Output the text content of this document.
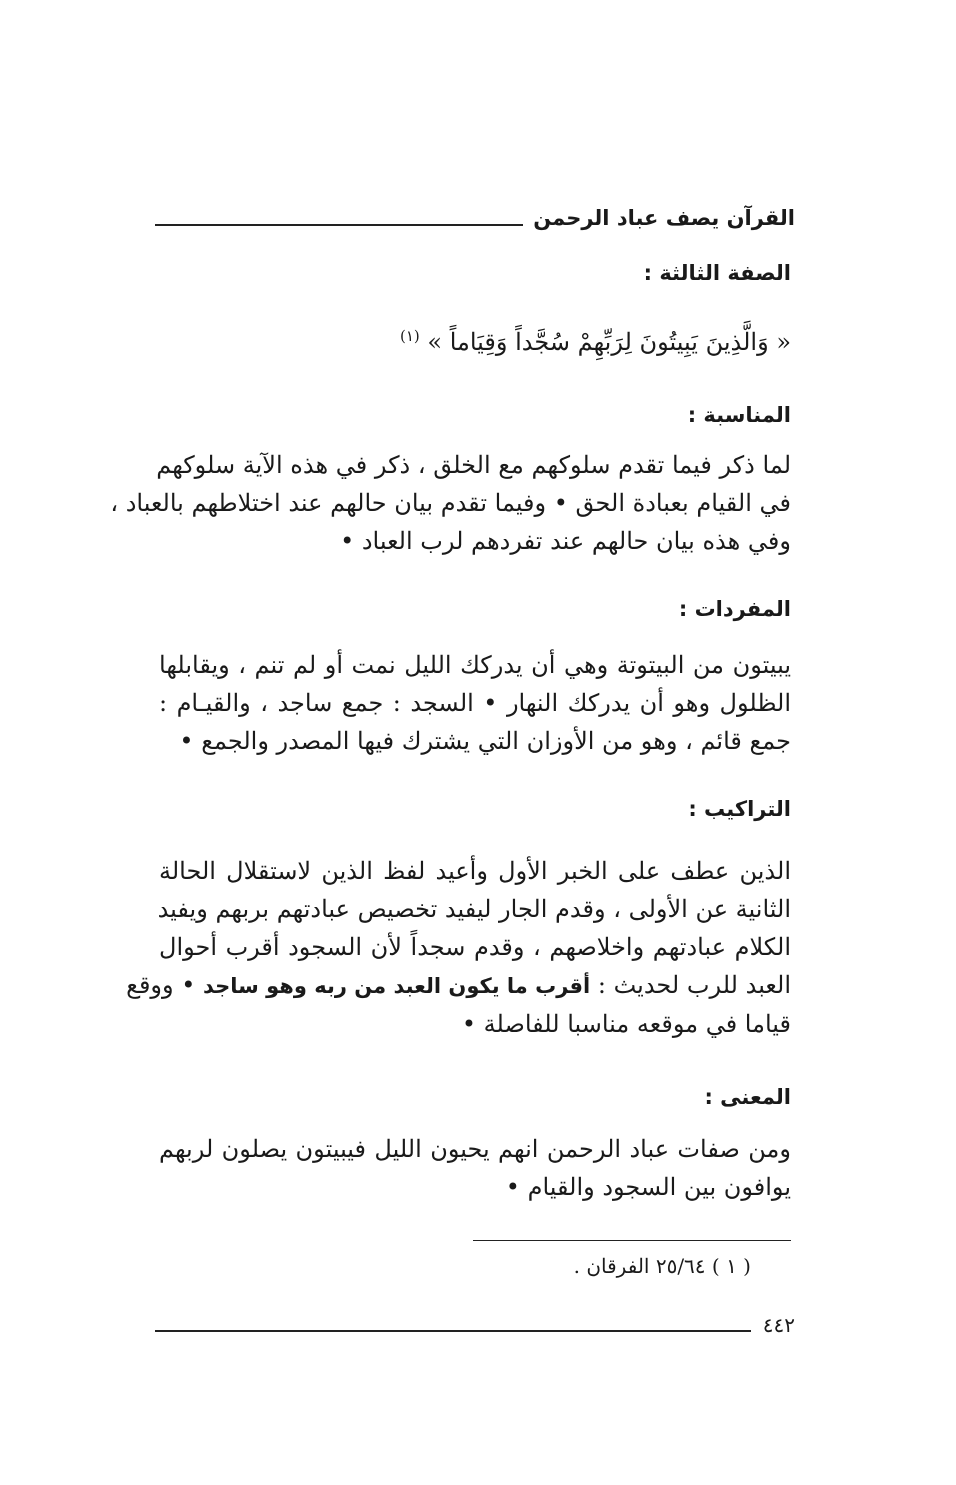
القرآن يصف عباد الرحمن
الصفة الثالثة :
« وَالَّذِينَ يَبِيتُونَ لِرَبِّهِمْ سُجَّداً وَقِيَاماً » $^{(١)}$
المناسبة :
لما ذكر فيما تقدم سلوكهم مع الخلق ، ذكر في هذه الآية سلوكهم
في القيام بعبادة الحق • وفيما تقدم بيان حالهم عند اختلاطهم بالعباد ،
وفي هذه بيان حالهم عند تفردهم لرب العباد •
المفردات :
يبيتون من البيتوتة وهي أن يدركك الليل نمت أو لم تنم ، ويقابلها
الظلول وهو أن يدركك النهار • السجد : جمع ساجد ، والقيـام :
جمع قائم ، وهو من الأوزان التي يشترك فيها المصدر والجمع •
التراكيب :
الذين عطف على الخبر الأول وأعيد لفظ الذين لاستقلال الحالة
الثانية عن الأولى ، وقدم الجار ليفيد تخصيص عبادتهم بربهم ويفيد
الكلام عبادتهم واخلاصهم ، وقدم سجداً لأن السجود أقرب أحوال
العبد للرب لحديث : أقرب ما يكون العبد من ربه وهو ساجد • ووقع
قياما في موقعه مناسبا للفاصلة •
المعنى :
ومن صفات عباد الرحمن انهم يحيون الليل فيبيتون يصلون لربهم
يوافون بين السجود والقيام •
( ١ ) ٢٥/٦٤ الفرقان .
٤٤٢
